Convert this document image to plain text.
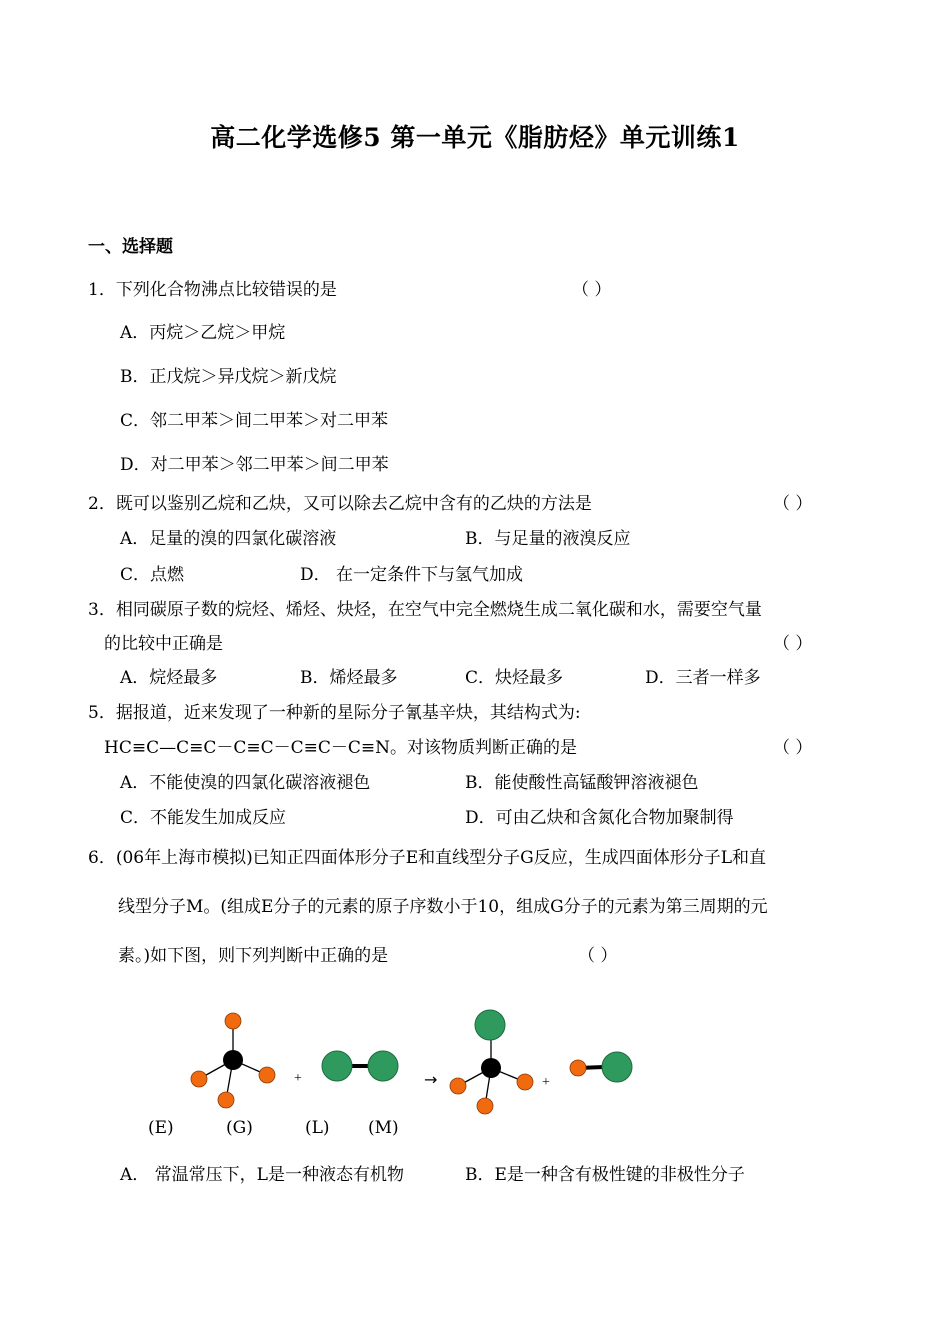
高二化学选修5 第一单元《脂肪烃》单元训练1
一、选择题
1．下列化合物沸点比较错误的是	（ ）
A．丙烷＞乙烷＞甲烷
B．正戊烷＞异戊烷＞新戊烷
C．邻二甲苯＞间二甲苯＞对二甲苯
D．对二甲苯＞邻二甲苯＞间二甲苯
2．既可以鉴别乙烷和乙炔，又可以除去乙烷中含有的乙炔的方法是	（ ）
A．足量的溴的四氯化碳溶液	B．与足量的液溴反应
C．点燃	D． 在一定条件下与氢气加成
3．相同碳原子数的烷烃、烯烃、炔烃，在空气中完全燃烧生成二氧化碳和水，需要空气量
的比较中正确是	（ ）
A．烷烃最多	B．烯烃最多	C．炔烃最多	D．三者一样多
5．据报道，近来发现了一种新的星际分子氰基辛炔，其结构式为:
HC≡C—C≡C－C≡C－C≡C－C≡N。对该物质判断正确的是	（ ）
A．不能使溴的四氯化碳溶液褪色	B．能使酸性高锰酸钾溶液褪色
C．不能发生加成反应	D．可由乙炔和含氮化合物加聚制得
6．(06年上海市模拟)已知正四面体形分子E和直线型分子G反应，生成四面体形分子L和直
线型分子M。(组成E分子的元素的原子序数小于10，组成G分子的元素为第三周期的元
素。)如下图，则下列判断中正确的是	（ ）
+	→	+
(E)	(G)	(L) (M)
A． 常温常压下，L是一种液态有机物	B．E是一种含有极性键的非极性分子
